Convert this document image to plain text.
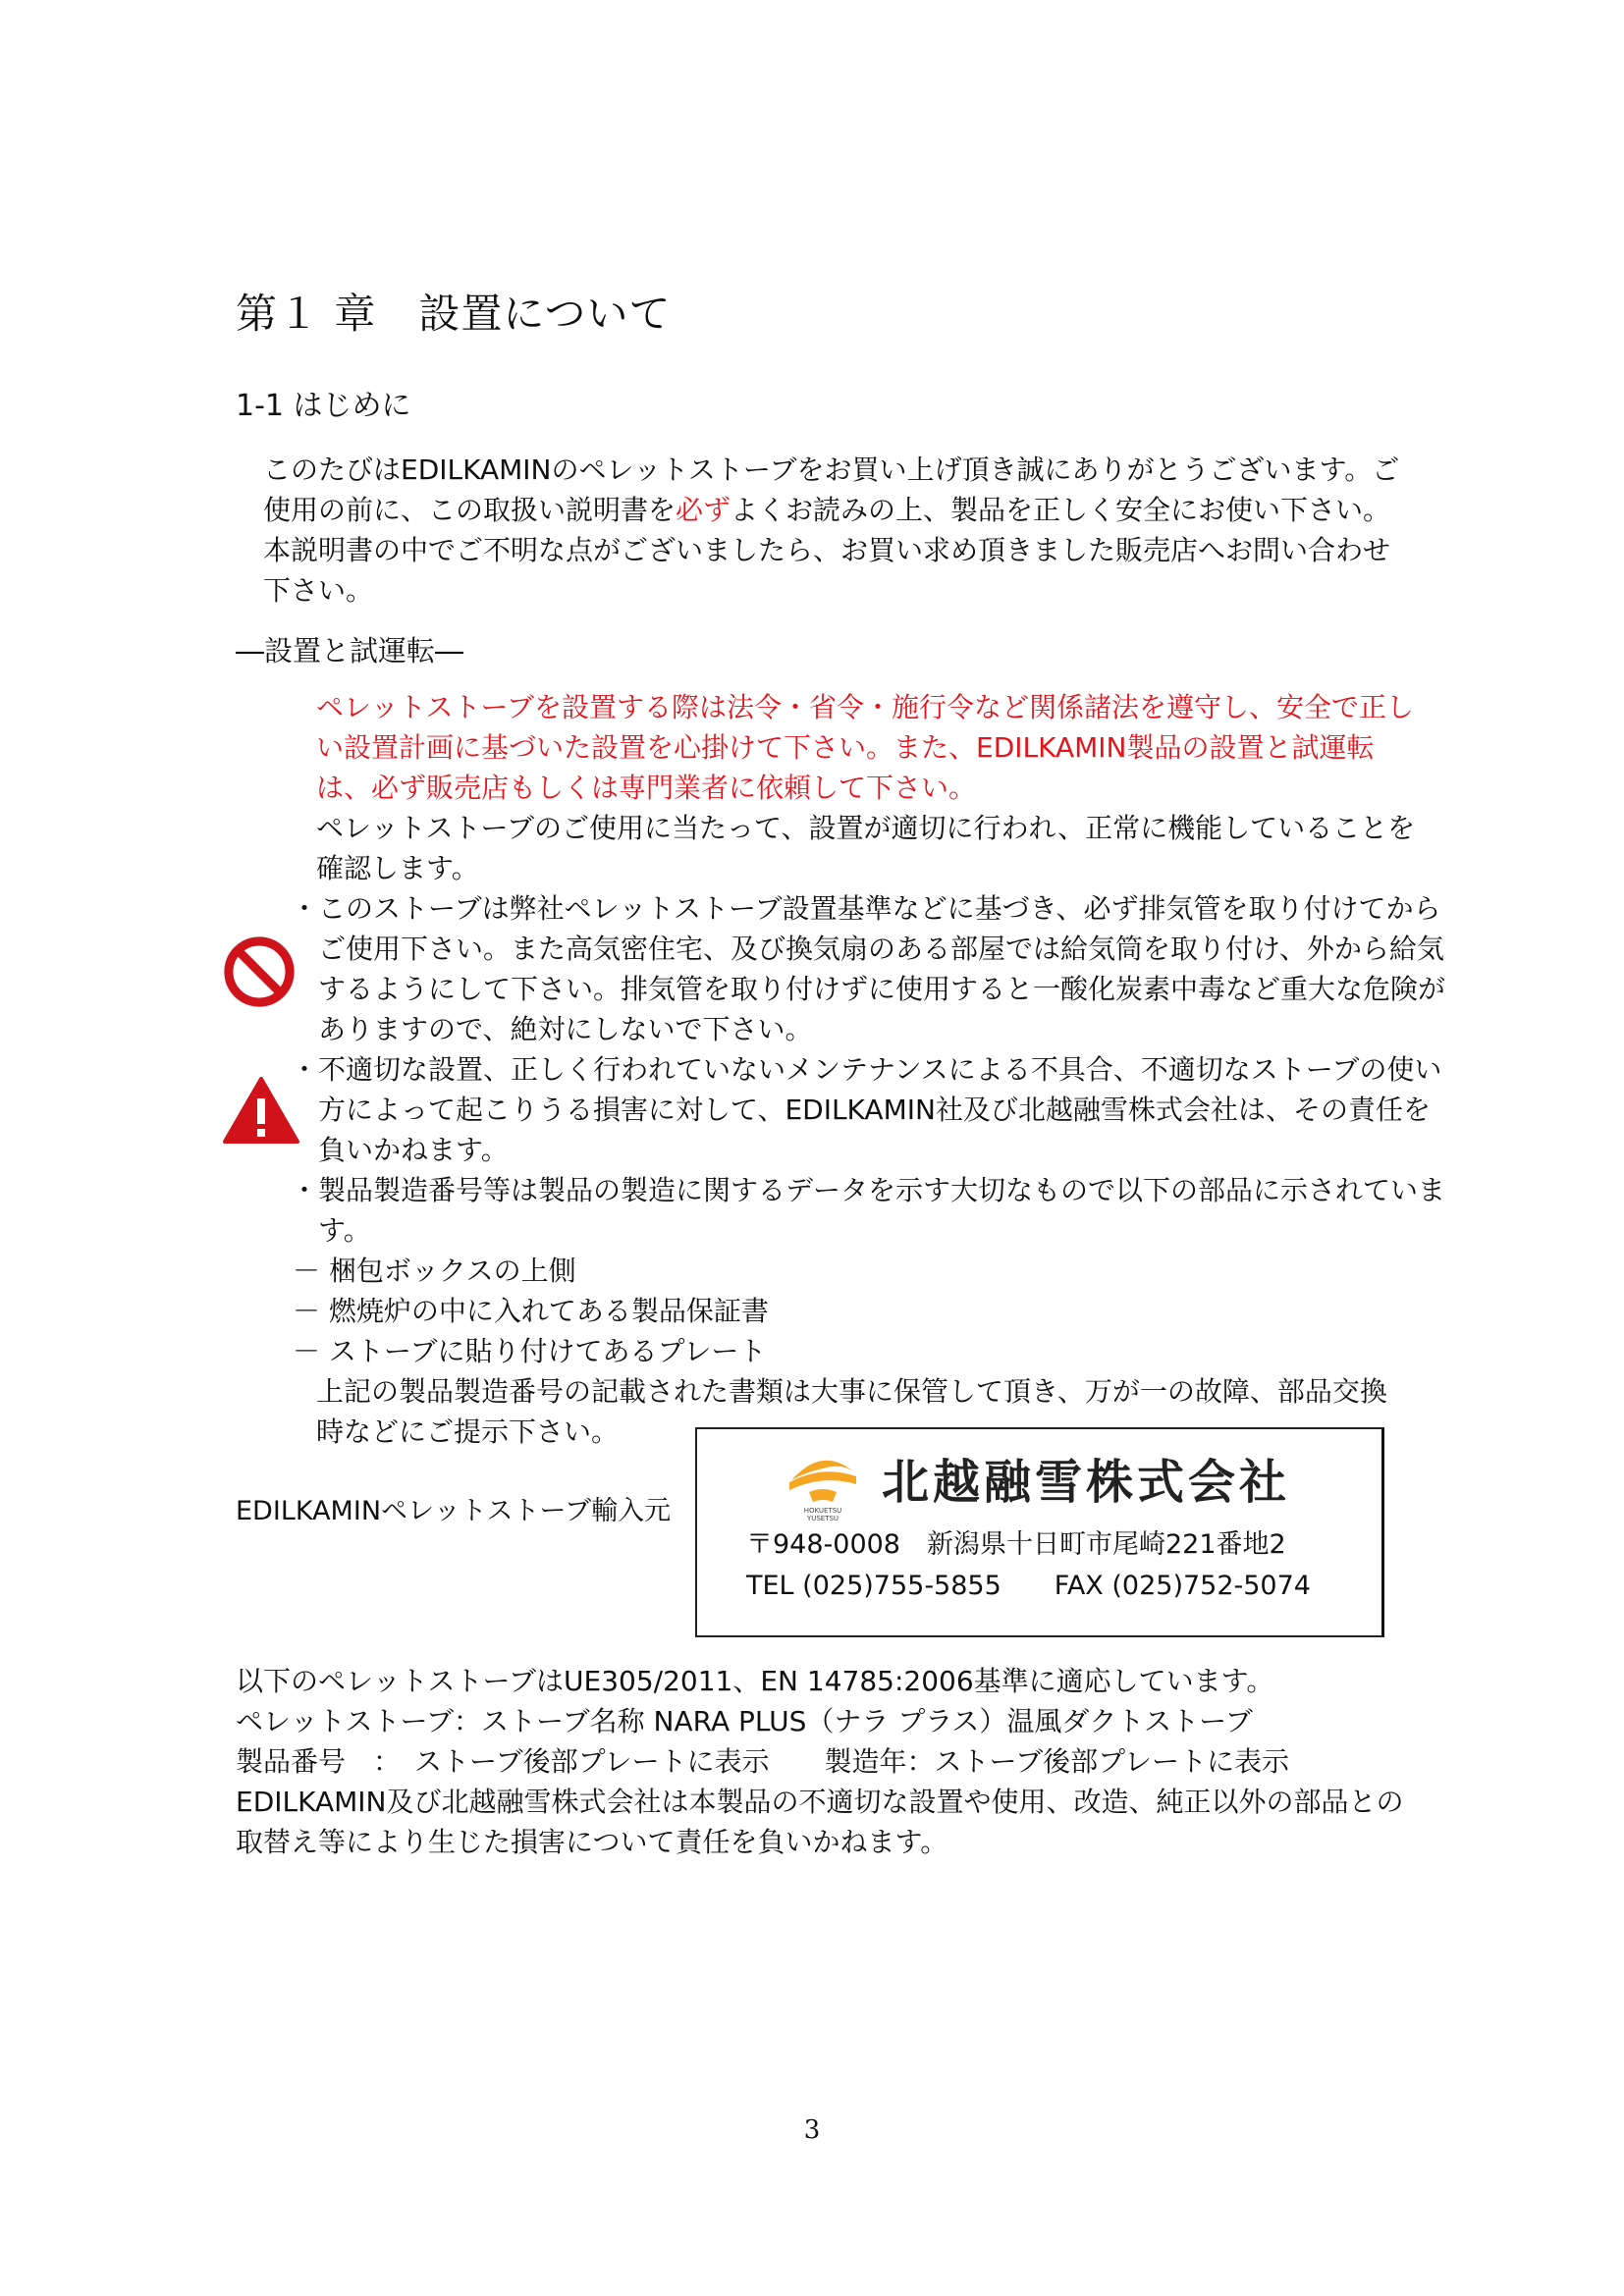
第１ 章　設置について
1-1 はじめに

このたびはEDILKAMINのペレットストーブをお買い上げ頂き誠にありがとうございます。ご使用の前に、この取扱い説明書を必ずよくお読みの上、製品を正しく安全にお使い下さい。本説明書の中でご不明な点がございましたら、お買い求め頂きました販売店へお問い合わせ下さい。

―設置と試運転―

ペレットストーブを設置する際は法令・省令・施行令など関係諸法を遵守し、安全で正しい設置計画に基づいた設置を心掛けて下さい。また、EDILKAMIN製品の設置と試運転は、必ず販売店もしくは専門業者に依頼して下さい。

ペレットストーブのご使用に当たって、設置が適切に行われ、正常に機能していることを確認します。

・このストーブは弊社ペレットストーブ設置基準などに基づき、必ず排気管を取り付けてからご使用下さい。また高気密住宅、及び換気扇のある部屋では給気筒を取り付け、外から給気するようにして下さい。排気管を取り付けずに使用すると一酸化炭素中毒など重大な危険がありますので、絶対にしないで下さい。

・不適切な設置、正しく行われていないメンテナンスによる不具合、不適切なストーブの使い方によって起こりうる損害に対して、EDILKAMIN社及び北越融雪株式会社は、その責任を負いかねます。

・製品製造番号等は製品の製造に関するデータを示す大切なもので以下の部品に示されています。

－ 梱包ボックスの上側
－ 燃焼炉の中に入れてある製品保証書
－ ストーブに貼り付けてあるプレート

上記の製品製造番号の記載された書類は大事に保管して頂き、万が一の故障、部品交換時などにご提示下さい。

EDILKAMINペレットストーブ輸入元	HOKUETSU
YUSETSU
北越融雪株式会社
〒948-0008　新潟県十日町市尾崎221番地2
TEL (025)755-5855　　FAX (025)752-5074
以下のペレットストーブはUE305/2011、EN 14785:2006基準に適応しています。
ペレットストーブ：ストーブ名称 NARA PLUS（ナラ プラス）温風ダクトストーブ
製品番号　：　ストーブ後部プレートに表示　　製造年：ストーブ後部プレートに表示

EDILKAMIN及び北越融雪株式会社は本製品の不適切な設置や使用、改造、純正以外の部品との取替え等により生じた損害について責任を負いかねます。

3
